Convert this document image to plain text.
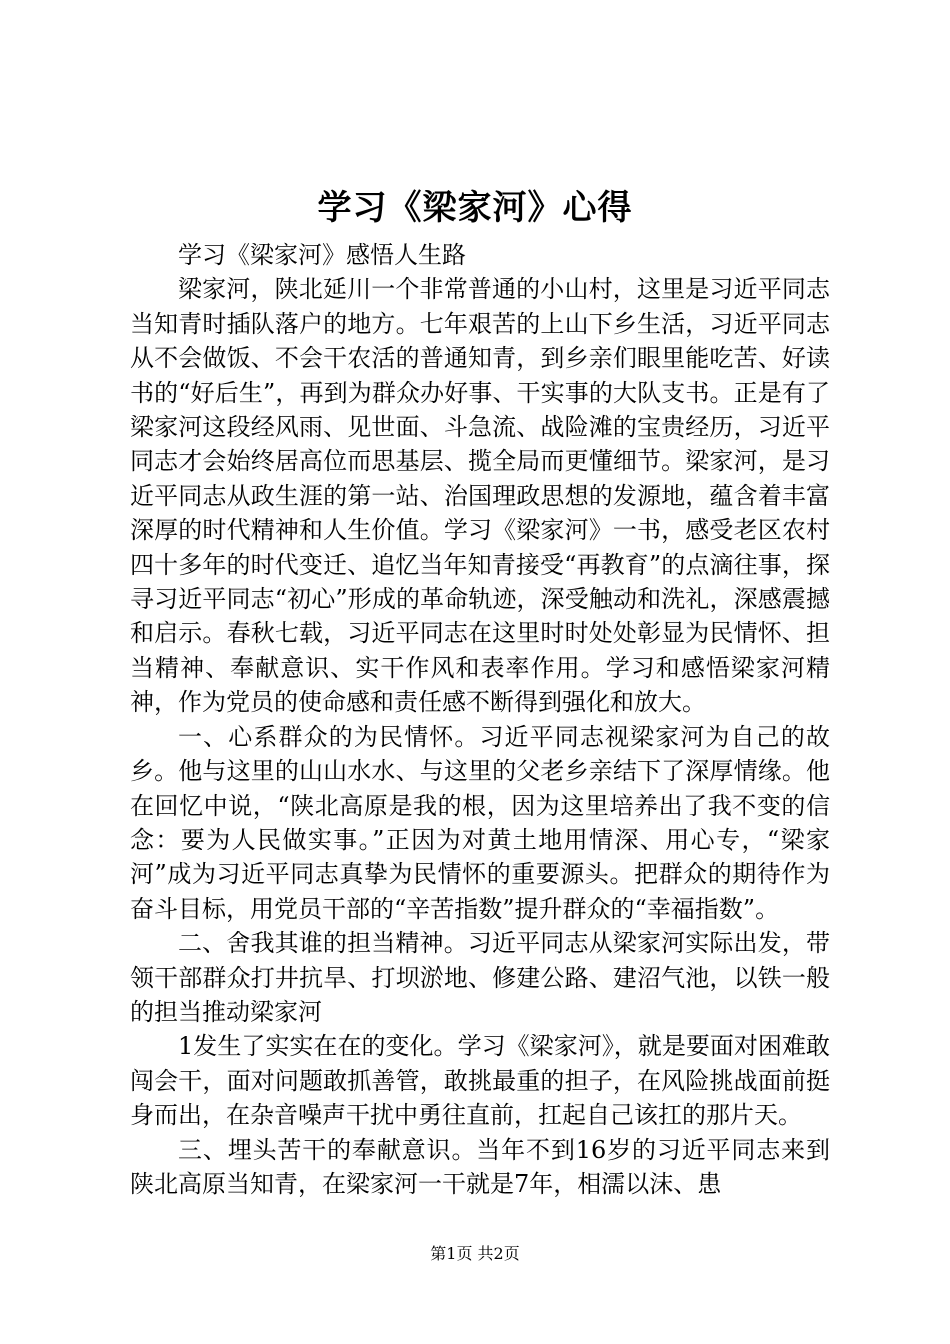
学习《梁家河》心得

学习《梁家河》感悟人生路

梁家河，陕北延川一个非常普通的小山村，这里是习近平同志当知青时插队落户的地方。七年艰苦的上山下乡生活，习近平同志从不会做饭、不会干农活的普通知青，到乡亲们眼里能吃苦、好读书的“好后生”，再到为群众办好事、干实事的大队支书。正是有了梁家河这段经风雨、见世面、斗急流、战险滩的宝贵经历，习近平同志才会始终居高位而思基层、揽全局而更懂细节。梁家河，是习近平同志从政生涯的第一站、治国理政思想的发源地，蕴含着丰富深厚的时代精神和人生价值。学习《梁家河》一书，感受老区农村四十多年的时代变迁、追忆当年知青接受“再教育”的点滴往事，探寻习近平同志“初心”形成的革命轨迹，深受触动和洗礼，深感震撼和启示。春秋七载，习近平同志在这里时时处处彰显为民情怀、担当精神、奉献意识、实干作风和表率作用。学习和感悟梁家河精神，作为党员的使命感和责任感不断得到强化和放大。

一、心系群众的为民情怀。习近平同志视梁家河为自己的故乡。他与这里的山山水水、与这里的父老乡亲结下了深厚情缘。他在回忆中说，“陕北高原是我的根，因为这里培养出了我不变的信念：要为人民做实事。”正因为对黄土地用情深、用心专，“梁家河”成为习近平同志真挚为民情怀的重要源头。把群众的期待作为奋斗目标，用党员干部的“辛苦指数”提升群众的“幸福指数”。

二、舍我其谁的担当精神。习近平同志从梁家河实际出发，带领干部群众打井抗旱、打坝淤地、修建公路、建沼气池，以铁一般的担当推动梁家河

1发生了实实在在的变化。学习《梁家河》，就是要面对困难敢闯会干，面对问题敢抓善管，敢挑最重的担子，在风险挑战面前挺身而出，在杂音噪声干扰中勇往直前，扛起自己该扛的那片天。

三、埋头苦干的奉献意识。当年不到16岁的习近平同志来到陕北高原当知青，在梁家河一干就是7年，相濡以沫、患

第1页 共2页
